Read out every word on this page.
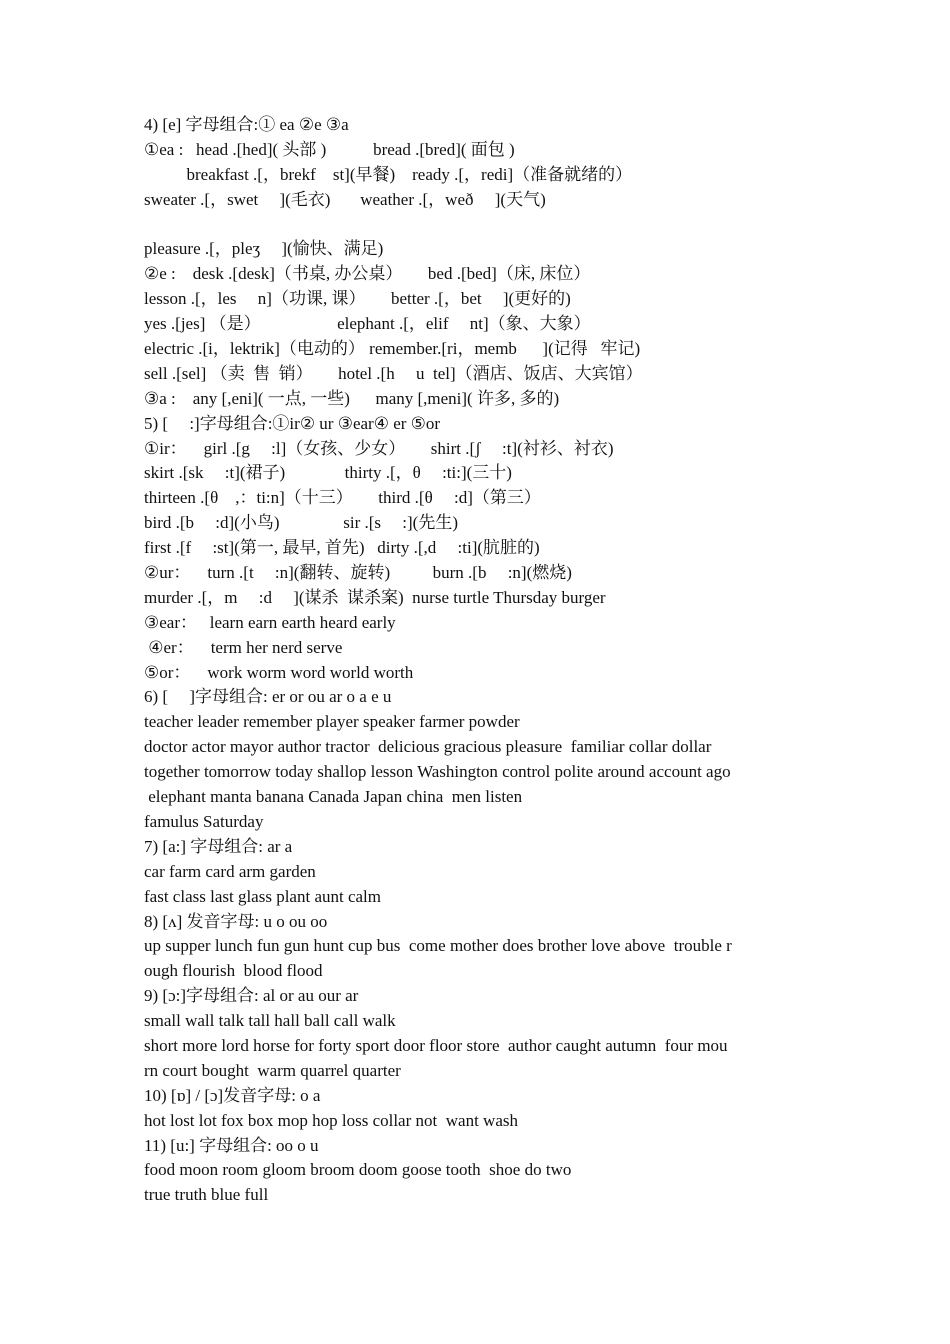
4) [e] 字母组合:① ea ②e ③a
①ea :   head .[hed]( 头部 )           bread .[bred]( 面包 )
breakfast .[，brekf    st](早餐)    ready .[，redi]（准备就绪的）
sweater .[，swet     ](毛衣)       weather .[，weð     ](天气)
pleasure .[，pleʒ     ](愉快、满足)
②e :    desk .[desk]（书桌, 办公桌）      bed .[bed]（床, 床位）
lesson .[，les     n]（功课, 课）      better .[，bet     ](更好的)
yes .[jes] （是）                  elephant .[，elif     nt]（象、大象）
electric .[i，lektrik]（电动的） remember.[ri，memb      ](记得   牢记)
sell .[sel] （卖  售  销）      hotel .[h     u  tel]（酒店、饭店、大宾馆）
③a :    any [,eni]( 一点, 一些)      many [,meni]( 许多, 多的)
5) [     :]字母组合:①ir② ur ③ear④ er ⑤or
①ir：    girl .[g     :l]（女孩、少女）      shirt .[ʃ     :t](衬衫、衬衣)
skirt .[sk     :t](裙子)              thirty .[，θ     :ti:](三十)
thirteen .[θ    ,：ti:n]（十三）      third .[θ     :d]（第三）
bird .[b     :d](小鸟)               sir .[s     :](先生)
first .[f     :st](第一, 最早, 首先)   dirty .[,d     :ti](肮脏的)
②ur：    turn .[t     :n](翻转、旋转)          burn .[b     :n](燃烧)
murder .[，m     :d     ](谋杀  谋杀案)  nurse turtle Thursday burger
③ear：   learn earn earth heard early
④er：    term her nerd serve
⑤or：    work worm word world worth
6) [     ]字母组合: er or ou ar o a e u
teacher leader remember player speaker farmer powder
doctor actor mayor author tractor  delicious gracious pleasure  familiar collar dollar
together tomorrow today shallop lesson Washington control polite around account ago
elephant manta banana Canada Japan china  men listen
famulus Saturday
7) [a:] 字母组合: ar a
car farm card arm garden
fast class last glass plant aunt calm
8) [ʌ] 发音字母: u o ou oo
up supper lunch fun gun hunt cup bus  come mother does brother love above  trouble r
ough flourish  blood flood
9) [ɔ:]字母组合: al or au our ar
small wall talk tall hall ball call walk
short more lord horse for forty sport door floor store  author caught autumn  four mou
rn court bought  warm quarrel quarter
10) [ɒ] / [ɔ]发音字母: o a
hot lost lot fox box mop hop loss collar not  want wash
11) [u:] 字母组合: oo o u
food moon room gloom broom doom goose tooth  shoe do two
true truth blue full
